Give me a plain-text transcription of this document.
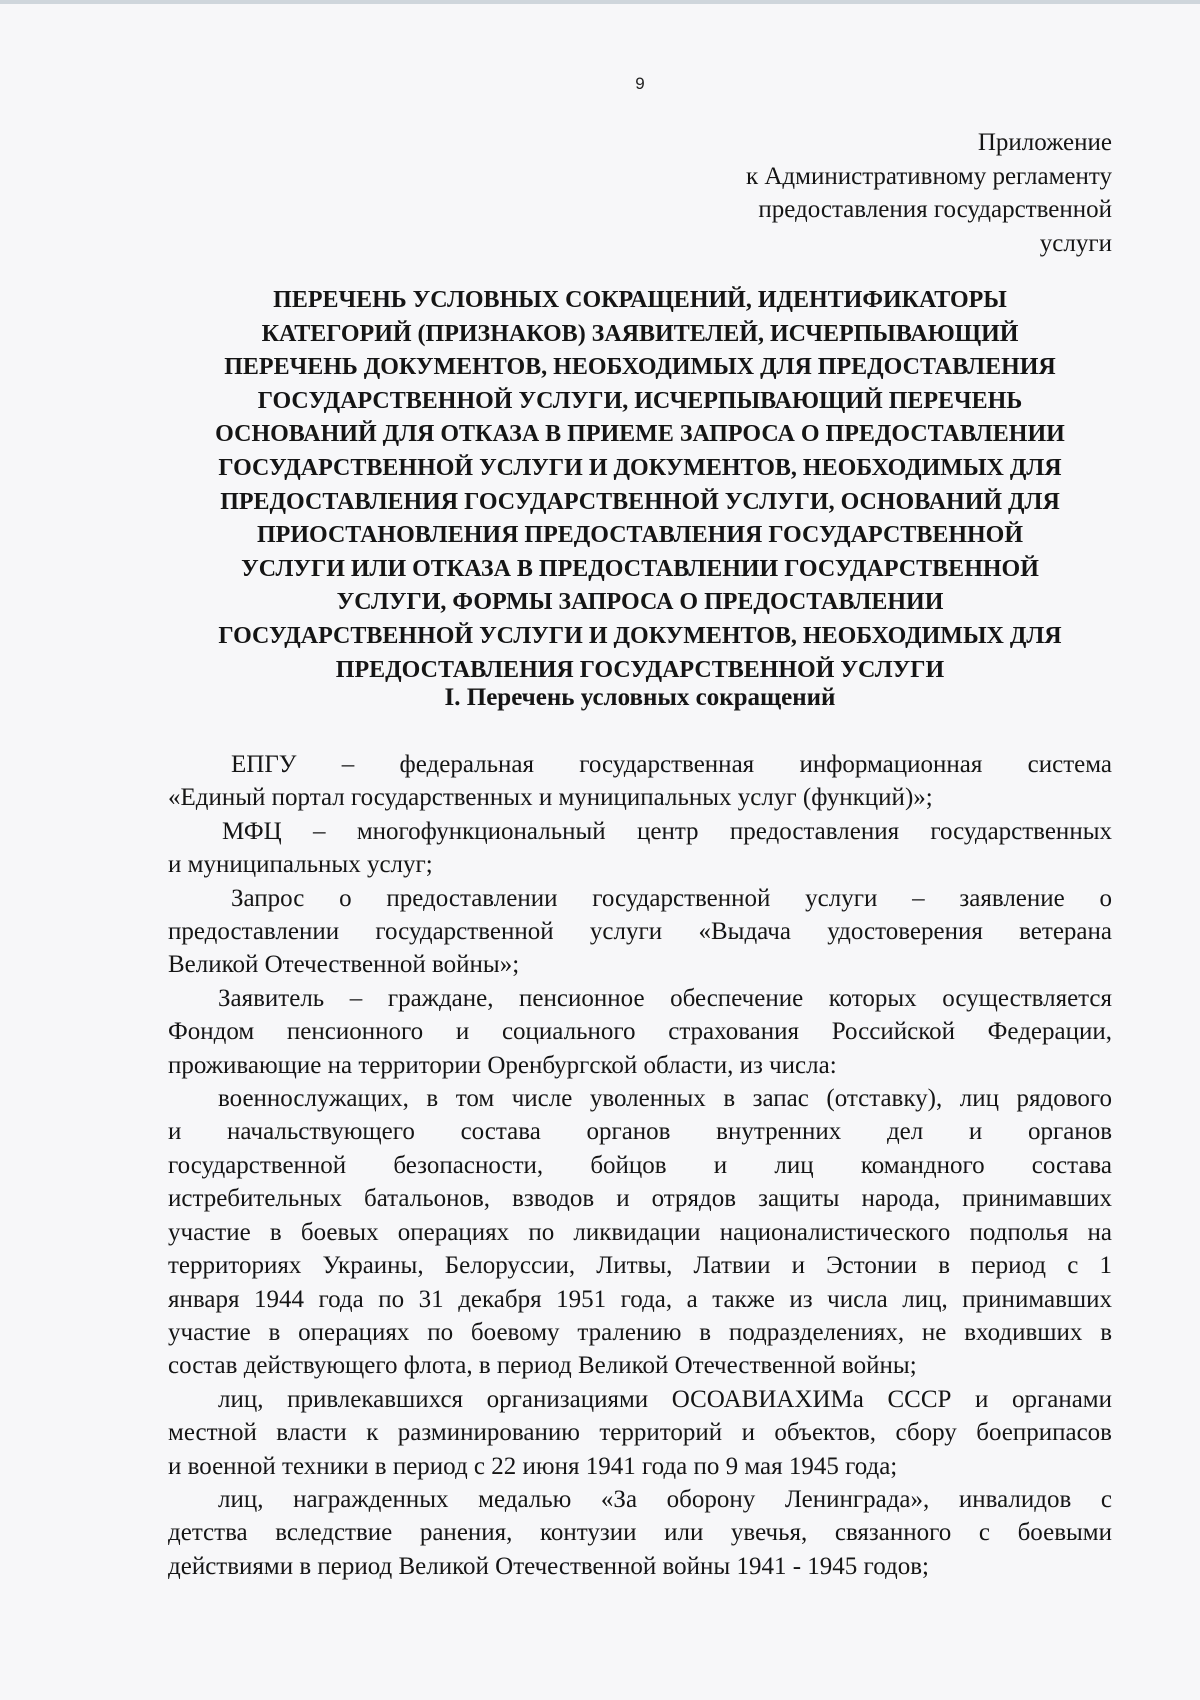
9
Приложение
к Административному регламенту
предоставления государственной
услуги
ПЕРЕЧЕНЬ УСЛОВНЫХ СОКРАЩЕНИЙ, ИДЕНТИФИКАТОРЫ
КАТЕГОРИЙ (ПРИЗНАКОВ) ЗАЯВИТЕЛЕЙ, ИСЧЕРПЫВАЮЩИЙ
ПЕРЕЧЕНЬ ДОКУМЕНТОВ, НЕОБХОДИМЫХ ДЛЯ ПРЕДОСТАВЛЕНИЯ
ГОСУДАРСТВЕННОЙ УСЛУГИ, ИСЧЕРПЫВАЮЩИЙ ПЕРЕЧЕНЬ
ОСНОВАНИЙ ДЛЯ ОТКАЗА В ПРИЕМЕ ЗАПРОСА О ПРЕДОСТАВЛЕНИИ
ГОСУДАРСТВЕННОЙ УСЛУГИ И ДОКУМЕНТОВ, НЕОБХОДИМЫХ ДЛЯ
ПРЕДОСТАВЛЕНИЯ ГОСУДАРСТВЕННОЙ УСЛУГИ, ОСНОВАНИЙ ДЛЯ
ПРИОСТАНОВЛЕНИЯ ПРЕДОСТАВЛЕНИЯ ГОСУДАРСТВЕННОЙ
УСЛУГИ ИЛИ ОТКАЗА В ПРЕДОСТАВЛЕНИИ ГОСУДАРСТВЕННОЙ
УСЛУГИ, ФОРМЫ ЗАПРОСА О ПРЕДОСТАВЛЕНИИ
ГОСУДАРСТВЕННОЙ УСЛУГИ И ДОКУМЕНТОВ, НЕОБХОДИМЫХ ДЛЯ
ПРЕДОСТАВЛЕНИЯ ГОСУДАРСТВЕННОЙ УСЛУГИ
I. Перечень условных сокращений
ЕПГУ – федеральная государственная информационная система
«Единый портал государственных и муниципальных услуг (функций)»;
МФЦ – многофункциональный центр предоставления государственных
и муниципальных услуг;
Запрос о предоставлении государственной услуги – заявление о
предоставлении государственной услуги «Выдача удостоверения ветерана
Великой Отечественной войны»;
Заявитель – граждане, пенсионное обеспечение которых осуществляется
Фондом пенсионного и социального страхования Российской Федерации,
проживающие на территории Оренбургской области, из числа:
военнослужащих, в том числе уволенных в запас (отставку), лиц рядового
и начальствующего состава органов внутренних дел и органов
государственной безопасности, бойцов и лиц командного состава
истребительных батальонов, взводов и отрядов защиты народа, принимавших
участие в боевых операциях по ликвидации националистического подполья на
территориях Украины, Белоруссии, Литвы, Латвии и Эстонии в период с 1
января 1944 года по 31 декабря 1951 года, а также из числа лиц, принимавших
участие в операциях по боевому тралению в подразделениях, не входивших в
состав действующего флота, в период Великой Отечественной войны;
лиц, привлекавшихся организациями ОСОАВИАХИМа СССР и органами
местной власти к разминированию территорий и объектов, сбору боеприпасов
и военной техники в период с 22 июня 1941 года по 9 мая 1945 года;
лиц, награжденных медалью «За оборону Ленинграда», инвалидов с
детства вследствие ранения, контузии или увечья, связанного с боевыми
действиями в период Великой Отечественной войны 1941 - 1945 годов;
